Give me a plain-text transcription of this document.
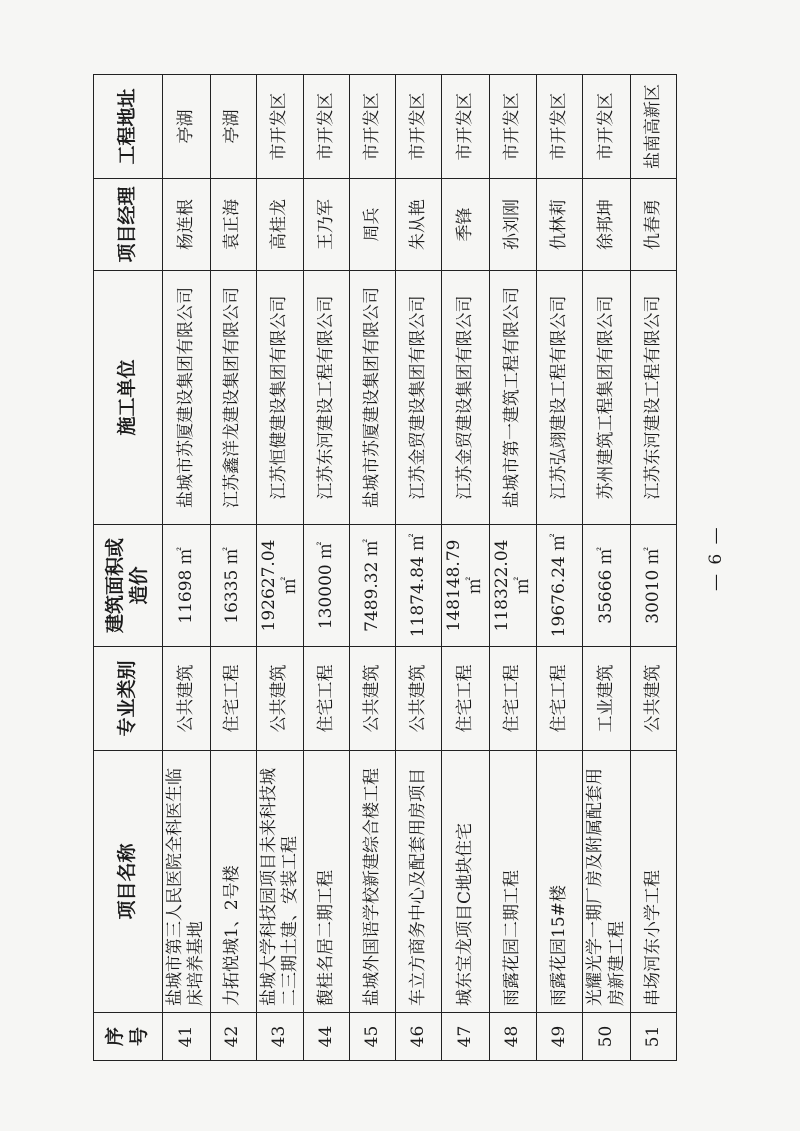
序号	项目名称	专业类别	建筑面积或造价	施工单位	项目经理	工程地址
41	盐城市第三人民医院全科医生临床培养基地	公共建筑	11698 ㎡	盐城市苏厦建设集团有限公司	杨连根	亭湖
42	力拓悦城1、2号楼	住宅工程	16335 ㎡	江苏鑫洋龙建设集团有限公司	袁正海	亭湖
43	盐城大学科技园项目未来科技城二三期土建、安装工程	公共建筑	192627.04 ㎡	江苏恒健建设集团有限公司	高桂龙	市开发区
44	馥桂名居二期工程	住宅工程	130000 ㎡	江苏东河建设工程有限公司	王乃军	市开发区
45	盐城外国语学校新建综合楼工程	公共建筑	7489.32 ㎡	盐城市苏厦建设集团有限公司	周兵	市开发区
46	车立方商务中心及配套用房项目	公共建筑	11874.84 ㎡	江苏金贸建设集团有限公司	朱从艳	市开发区
47	城东宝龙项目C地块住宅	住宅工程	148148.79 ㎡	江苏金贸建设集团有限公司	季锋	市开发区
48	雨露花园二期工程	住宅工程	118322.04 ㎡	盐城市第一建筑工程有限公司	孙刘刚	市开发区
49	雨露花园15#楼	住宅工程	19676.24 ㎡	江苏弘翊建设工程有限公司	仇林莉	市开发区
50	光耀光学一期厂房及附属配套用房新建工程	工业建筑	35666 ㎡	苏州建筑工程集团有限公司	徐邦坤	市开发区
51	串场河东小学工程	公共建筑	30010 ㎡	江苏东河建设工程有限公司	仇春勇	盐南高新区
— 6 —
